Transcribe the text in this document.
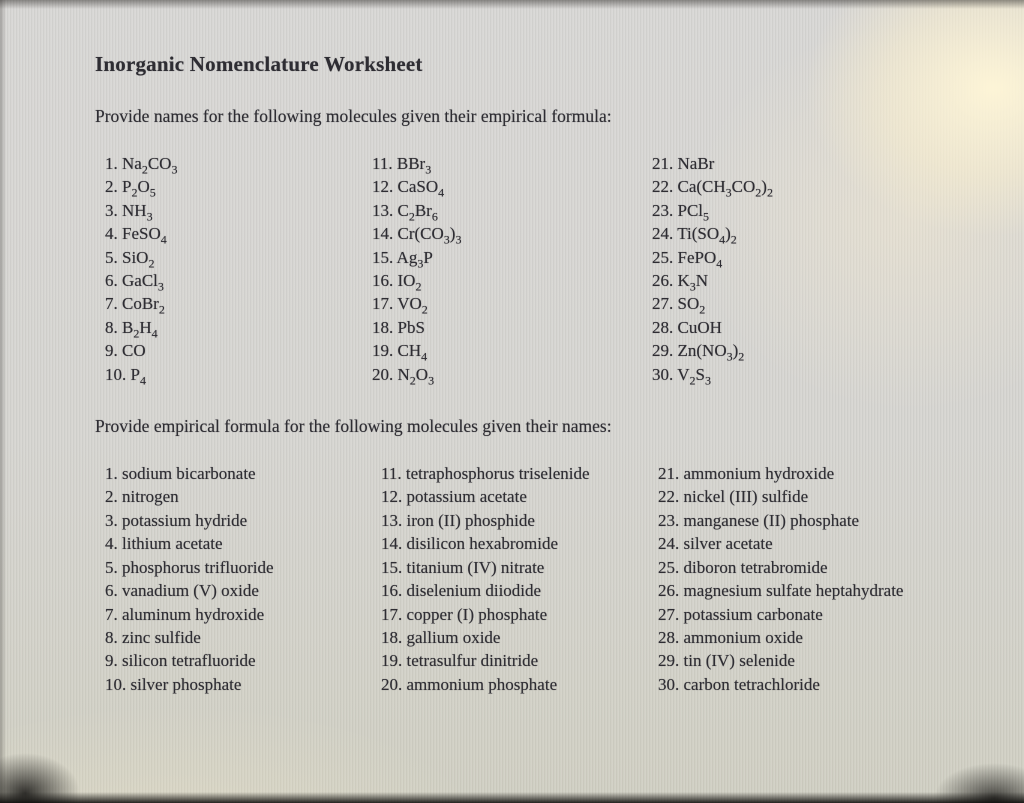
Inorganic Nomenclature Worksheet

Provide names for the following molecules given their empirical formula:

1. $Na_2CO_3$
2. $P_2O_5$
3. $NH_3$
4. FeSO$_4$
5. SiO$_2$
6. GaCl$_3$
7. CoBr$_2$
8. $B_2H_4$
9. CO
10. $P_4$
11. BBr$_3$
12. CaSO$_4$
13. $C_2Br_6$
14. $Cr(CO_3)_3$
15. $Ag_3P$
16. $IO_2$
17. $VO_2$
18. PbS
19. $CH_4$
20. $N_2O_3$
21. NaBr
22. $Ca(CH_3CO_2)_2$
23. PCl$_5$
24. $Ti(SO_4)_2$
25. FePO$_4$
26. $K_3N$
27. $SO_2$
28. CuOH
29. $Zn(NO_3)_2$
30. $V_2S_3$

Provide empirical formula for the following molecules given their names:

1. sodium bicarbonate
2. nitrogen
3. potassium hydride
4. lithium acetate
5. phosphorus trifluoride
6. vanadium (V) oxide
7. aluminum hydroxide
8. zinc sulfide
9. silicon tetrafluoride
10. silver phosphate
11. tetraphosphorus triselenide
12. potassium acetate
13. iron (II) phosphide
14. disilicon hexabromide
15. titanium (IV) nitrate
16. diselenium diiodide
17. copper (I) phosphate
18. gallium oxide
19. tetrasulfur dinitride
20. ammonium phosphate
21. ammonium hydroxide
22. nickel (III) sulfide
23. manganese (II) phosphate
24. silver acetate
25. diboron tetrabromide
26. magnesium sulfate heptahydrate
27. potassium carbonate
28. ammonium oxide
29. tin (IV) selenide
30. carbon tetrachloride
